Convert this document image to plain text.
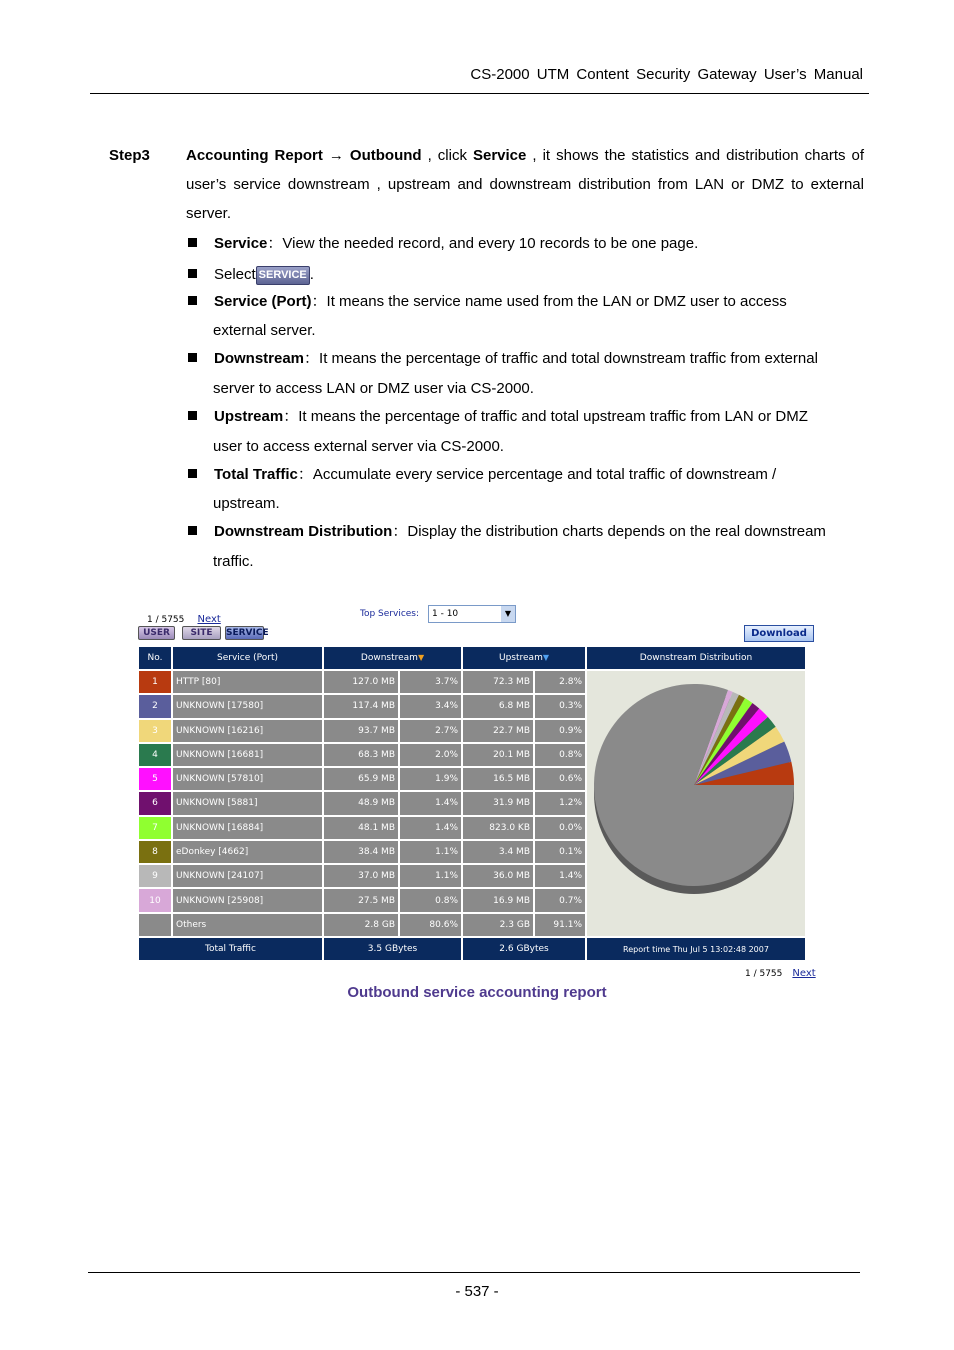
CS-2000 UTM Content Security Gateway User’s Manual
Step3 Accounting Report → Outbound , click Service , it shows the statistics and distribution charts of user’s service downstream , upstream and downstream distribution from LAN or DMZ to external server.
Service：View the needed record, and every 10 records to be one page.
Select SERVICE .
Service (Port)：It means the service name used from the LAN or DMZ user to access
external server.
Downstream：It means the percentage of traffic and total downstream traffic from external
server to access LAN or DMZ user via CS-2000.
Upstream：It means the percentage of traffic and total upstream traffic from LAN or DMZ
user to access external server via CS-2000.
Total Traffic：Accumulate every service percentage and total traffic of downstream /
upstream.
Downstream Distribution：Display the distribution charts depends on the real downstream
traffic.
1 / 5755 Next	Top Services:	1 - 10	▼
USER	SITE	SERVICE	Download
No.	Service (Port)	Downstream▼		Upstream▼		Downstream Distribution
1	HTTP [80]	127.0 MB	3.7%	72.3 MB	2.8%	
2	UNKNOWN [17580]	117.4 MB	3.4%	6.8 MB	0.3%	
3	UNKNOWN [16216]	93.7 MB	2.7%	22.7 MB	0.9%	
4	UNKNOWN [16681]	68.3 MB	2.0%	20.1 MB	0.8%	
5	UNKNOWN [57810]	65.9 MB	1.9%	16.5 MB	0.6%	
6	UNKNOWN [5881]	48.9 MB	1.4%	31.9 MB	1.2%	
7	UNKNOWN [16884]	48.1 MB	1.4%	823.0 KB	0.0%	
8	eDonkey [4662]	38.4 MB	1.1%	3.4 MB	0.1%	
9	UNKNOWN [24107]	37.0 MB	1.1%	36.0 MB	1.4%	
10	UNKNOWN [25908]	27.5 MB	0.8%	16.9 MB	0.7%	
	Others	2.8 GB	80.6%	2.3 GB	91.1%	
Total Traffic		3.5 GBytes		2.6 GBytes		Report time Thu Jul 5 13:02:48 2007
1 / 5755 Next
Outbound service accounting report
- 537 -
